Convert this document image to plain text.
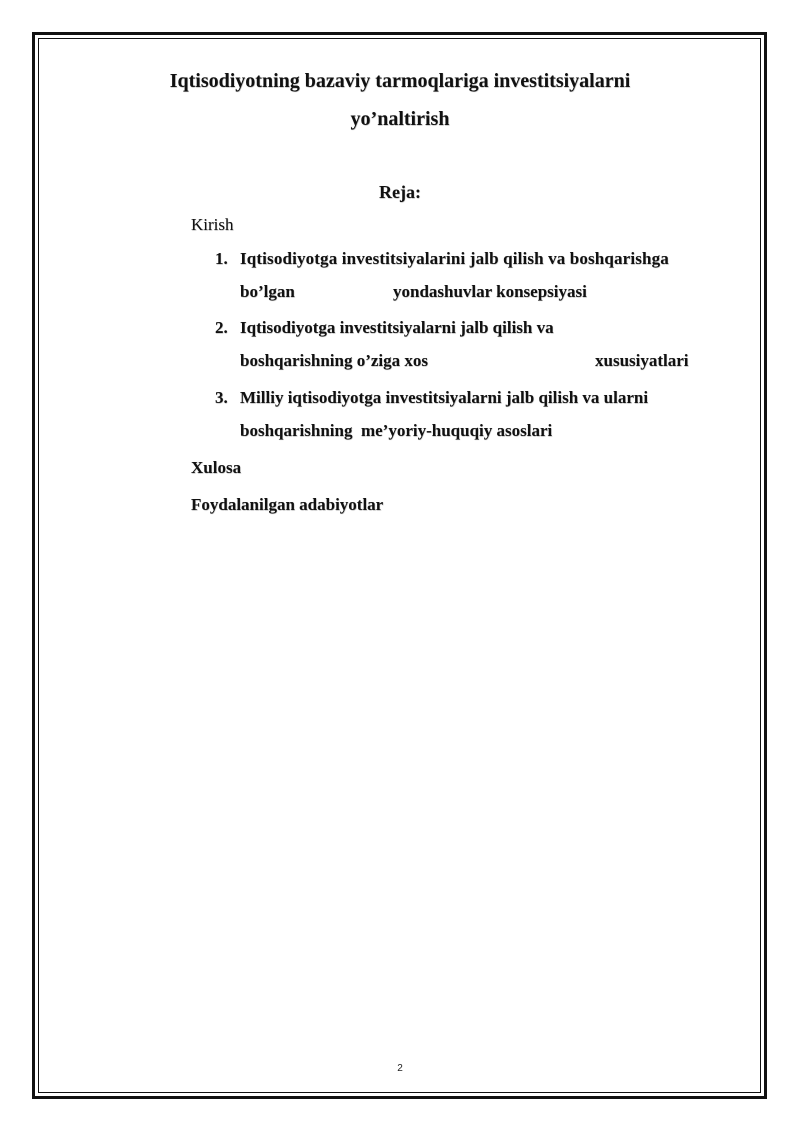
Iqtisodiyotning bazaviy tarmoqlariga investitsiyalarni
yo’naltirish
Reja:
Kirish
1. Iqtisodiyotga investitsiyalarini jalb qilish va boshqarishga
bo’lgan	yondashuvlar konsepsiyasi
2. Iqtisodiyotga investitsiyalarni jalb qilish va
boshqarishning o’ziga xos	xususiyatlari
3. Milliy iqtisodiyotga investitsiyalarni jalb qilish va ularni
boshqarishning  me’yoriy-huquqiy asoslari
Xulosa
Foydalanilgan adabiyotlar
2
